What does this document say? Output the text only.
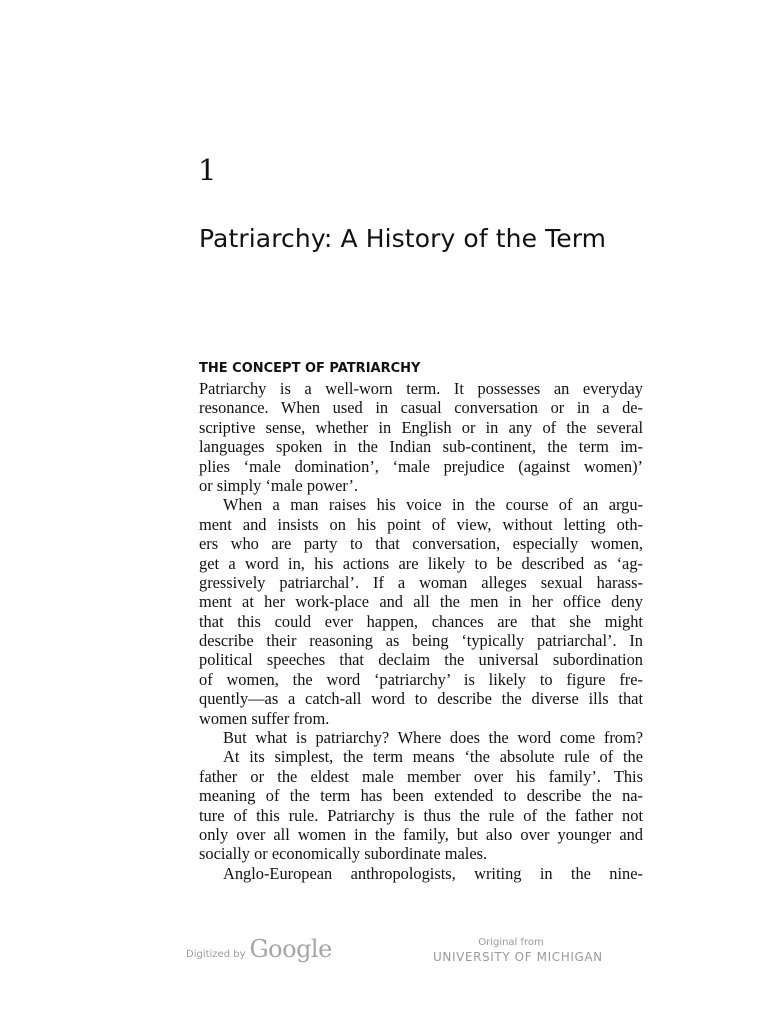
1
Patriarchy: A History of the Term
THE CONCEPT OF PATRIARCHY
Patriarchy is a well-worn term. It possesses an everyday
resonance. When used in casual conversation or in a de-
scriptive sense, whether in English or in any of the several
languages spoken in the Indian sub-continent, the term im-
plies ‘male domination’, ‘male prejudice (against women)’
or simply ‘male power’.
When a man raises his voice in the course of an argu-
ment and insists on his point of view, without letting oth-
ers who are party to that conversation, especially women,
get a word in, his actions are likely to be described as ‘ag-
gressively patriarchal’. If a woman alleges sexual harass-
ment at her work-place and all the men in her office deny
that this could ever happen, chances are that she might
describe their reasoning as being ‘typically patriarchal’. In
political speeches that declaim the universal subordination
of women, the word ‘patriarchy’ is likely to figure fre-
quently—as a catch-all word to describe the diverse ills that
women suffer from.
But what is patriarchy? Where does the word come from?
At its simplest, the term means ‘the absolute rule of the
father or the eldest male member over his family’. This
meaning of the term has been extended to describe the na-
ture of this rule. Patriarchy is thus the rule of the father not
only over all women in the family, but also over younger and
socially or economically subordinate males.
Anglo-European anthropologists, writing in the nine-
Digitized by Google	Original from
UNIVERSITY OF MICHIGAN
